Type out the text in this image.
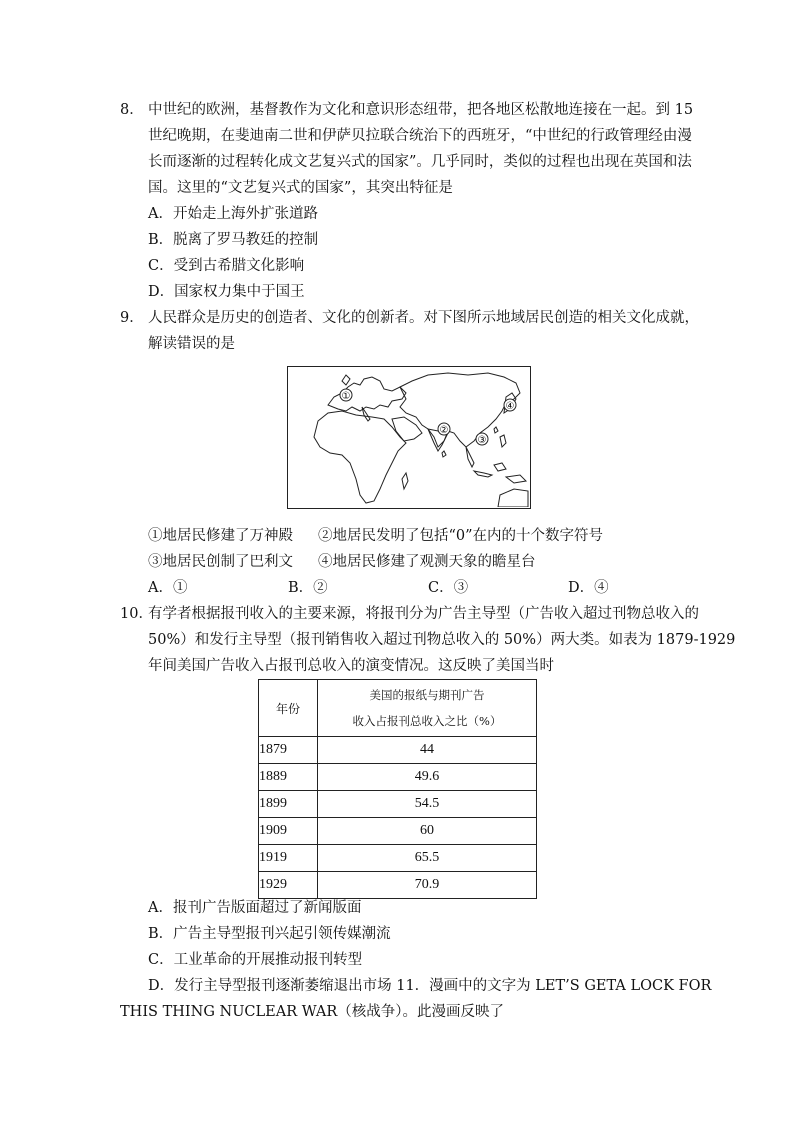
8． 中世纪的欧洲，基督教作为文化和意识形态纽带，把各地区松散地连接在一起。到 15
世纪晚期，在斐迪南二世和伊萨贝拉联合统治下的西班牙，“中世纪的行政管理经由漫
长而逐渐的过程转化成文艺复兴式的国家”。几乎同时，类似的过程也出现在英国和法
国。这里的“文艺复兴式的国家”，其突出特征是
A．开始走上海外扩张道路
B．脱离了罗马教廷的控制
C．受到古希腊文化影响
D．国家权力集中于国王
9． 人民群众是历史的创造者、文化的创新者。对下图所示地域居民创造的相关文化成就，
解读错误的是
①
②
③
④
①地居民修建了万神殿 ②地居民发明了包括“0”在内的十个数字符号
③地居民创制了巴利文 ④地居民修建了观测天象的瞻星台
A．①	B．②	C．③	D．④
10．
有学者根据报刊收入的主要来源，将报刊分为广告主导型（广告收入超过刊物总收入的
50%）和发行主导型（报刊销售收入超过刊物总收入的 50%）两大类。如表为 1879-1929
年间美国广告收入占报刊总收入的演变情况。这反映了美国当时
年份	美国的报纸与期刊广告
收入占报刊总收入之比（%）

1879	44
1889	49.6
1899	54.5
1909	60
1919	65.5
1929	70.9
A．报刊广告版面超过了新闻版面
B．广告主导型报刊兴起引领传媒潮流
C．工业革命的开展推动报刊转型
D．发行主导型报刊逐渐萎缩退出市场 11．漫画中的文字为 LET’S GETA LOCK FOR
THIS THING NUCLEAR WAR（核战争）。此漫画反映了
